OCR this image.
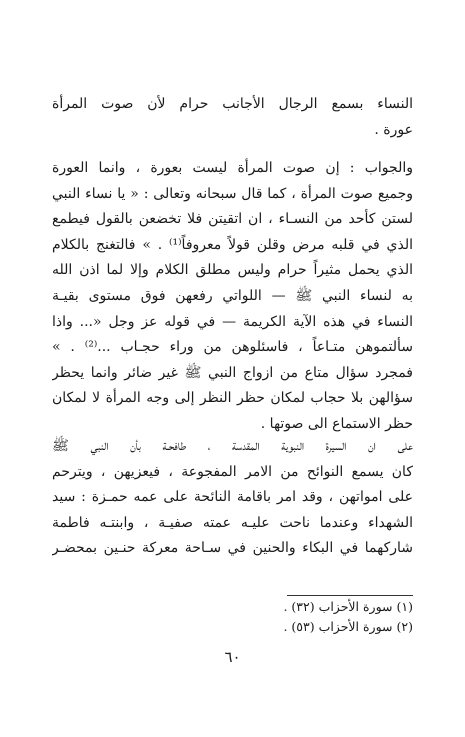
النساء بسمع الرجال الأجانب حرام لأن صوت المرأة
عورة .
والجواب : إن صوت المرأة ليست بعورة ، وانما العورة
وجميع صوت المرأة ، كما قال سبحانه وتعالى : « يا نساء النبي
لستن كأحد من النسـاء ، ان اتقيتن فلا تخضعن بالقول فيطمع
الذي في قلبه مرض وقلن قولاً معروفاً⁽¹⁾ . » فالتغنج بالكلام
الذي يحمل مثيراً حرام وليس مطلق الكلام وإلا لما اذن الله
به لنساء النبي ﷺ — اللواتي رفعهن فوق مستوى بقيـة
النساء في هذه الآية الكريمة — في قوله عز وجل «... واذا
سألتموهن متـاعاً ، فاسئلوهن من وراء حجـاب ...⁽²⁾ . »
فمجرد سؤال متاع من ازواج النبي ﷺ غير ضائر وانما يحظر
سؤالهن بلا حجاب لمكان حظر النظر إلى وجه المرأة لا لمكان
حظر الاستماع الى صوتها .
على ان السيرة النبوية المقدسة ، طافحـة بأن النبي ﷺ
كان يسمع النوائح من الامر المفجوعة ، فيعزيهن ، ويترحم
على امواتهن ، وقد امر باقامة النائحة على عمه حمـزة : سيد
الشهداء وعندما ناحت عليـه عمته صفيـة ، وابنتـه فاطمة
شاركهما في البكاء والحنين في سـاحة معركة حنـين بمحضـر
(١) سورة الأحزاب (٣٢) .
(٢) سورة الأحزاب (٥٣) .
٦٠
